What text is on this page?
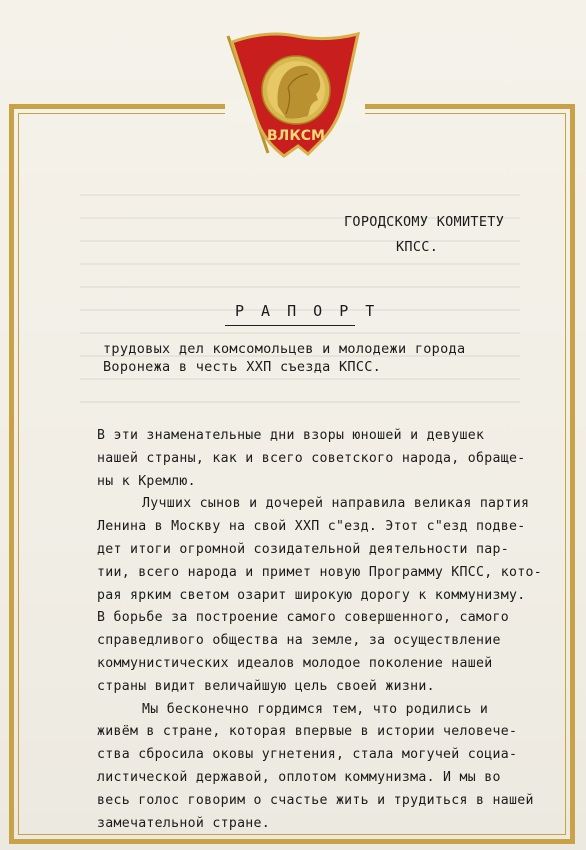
ВЛКСМ
ГОРОДСКОМУ КОМИТЕТУ
КПСС.
Р А П О Р Т
трудовых дел комсомольцев и молодежи города
Воронежа в честь ХХП съезда КПСС.
В эти знаменательные дни взоры юношей и девушек
нашей страны, как и всего советского народа, обраще-
ны к Кремлю.
Лучших сынов и дочерей направила великая партия
Ленина в Москву на свой ХХП с"езд. Этот с"езд подве-
дет итоги огромной созидательной деятельности пар-
тии, всего народа и примет новую Программу КПСС, кото-
рая ярким светом озарит широкую дорогу к коммунизму.
В борьбе за построение самого совершенного, самого
справедливого общества на земле, за осуществление
коммунистических идеалов молодое поколение нашей
страны видит величайшую цель своей жизни.
Мы бесконечно гордимся тем, что родились и
живём в стране, которая впервые в истории человече-
ства сбросила оковы угнетения, стала могучей социа-
листической державой, оплотом коммунизма. И мы во
весь голос говорим о счастье жить и трудиться в нашей
замечательной стране.
